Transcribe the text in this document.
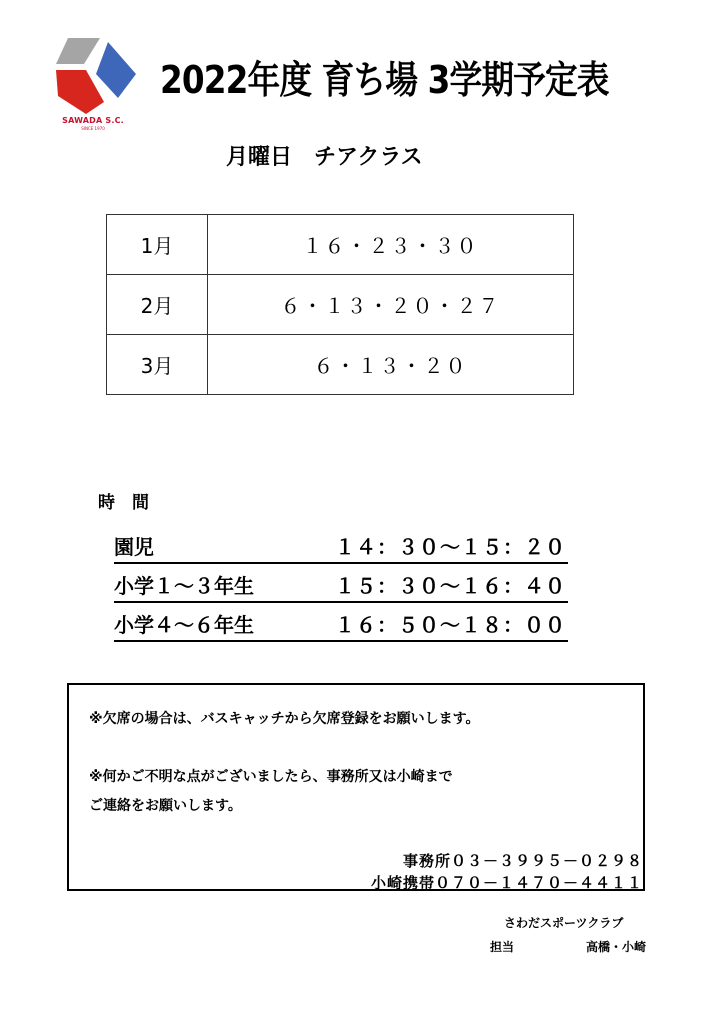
SAWADA S.C.
SINCE 1970
2022年度 育ち場 3学期予定表
月曜日　チアクラス
1月	１６・２３・３０
2月	６・１３・２０・２７
3月	６・１３・２０
時　間
園児	１４：３０〜１５：２０
小学１〜３年生	１５：３０〜１６：４０
小学４〜６年生	１６：５０〜１８：００
※欠席の場合は、バスキャッチから欠席登録をお願いします。
※何かご不明な点がございましたら、事務所又は小崎まで
ご連絡をお願いします。
事務所０３－３９９５－０２９８
小崎携帯０７０－１４７０－４４１１
さわだスポーツクラブ
担当	高橋・小崎
